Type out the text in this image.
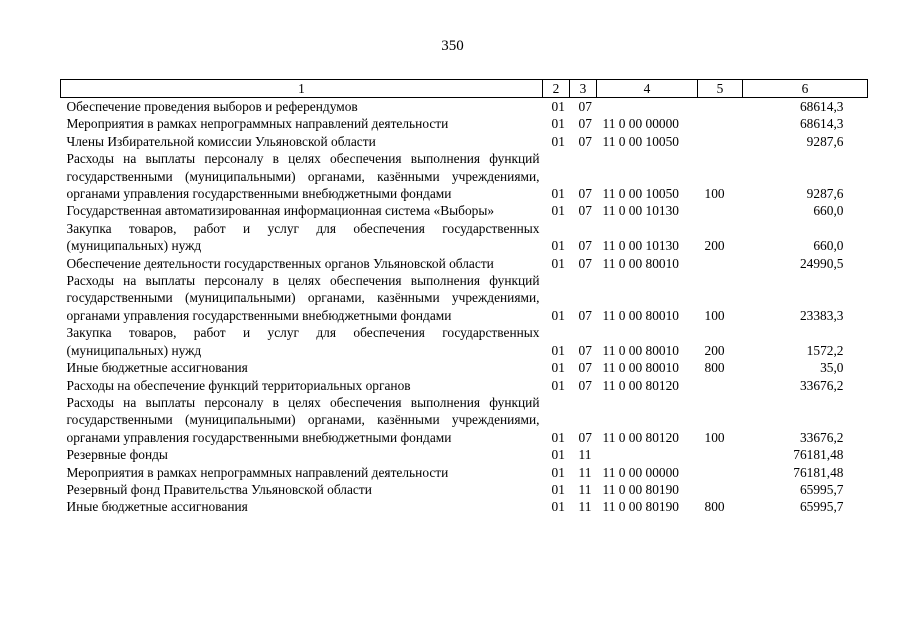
350
1	2	3	4	5	6
Обеспечение проведения выборов и референдумов	01	07			68614,3
Мероприятия в рамках непрограммных направлений деятельности	01	07	11 0 00 00000		68614,3
Члены Избирательной комиссии Ульяновской области	01	07	11 0 00 10050		9287,6
Расходы на выплаты персоналу в целях обеспечения выполнения функций государственными (муниципальными) органами, казёнными учреждениями, органами управления государственными внебюджетными фондами	01	07	11 0 00 10050	100	9287,6
Государственная автоматизированная информационная система «Выборы»	01	07	11 0 00 10130		660,0
Закупка товаров, работ и услуг для обеспечения государственных (муниципальных) нужд	01	07	11 0 00 10130	200	660,0
Обеспечение деятельности государственных органов Ульяновской области	01	07	11 0 00 80010		24990,5
Расходы на выплаты персоналу в целях обеспечения выполнения функций государственными (муниципальными) органами, казёнными учреждениями, органами управления государственными внебюджетными фондами	01	07	11 0 00 80010	100	23383,3
Закупка товаров, работ и услуг для обеспечения государственных (муниципальных) нужд	01	07	11 0 00 80010	200	1572,2
Иные бюджетные ассигнования	01	07	11 0 00 80010	800	35,0
Расходы на обеспечение функций территориальных органов	01	07	11 0 00 80120		33676,2
Расходы на выплаты персоналу в целях обеспечения выполнения функций государственными (муниципальными) органами, казёнными учреждениями, органами управления государственными внебюджетными фондами	01	07	11 0 00 80120	100	33676,2
Резервные фонды	01	11			76181,48
Мероприятия в рамках непрограммных направлений деятельности	01	11	11 0 00 00000		76181,48
Резервный фонд Правительства Ульяновской области	01	11	11 0 00 80190		65995,7
Иные бюджетные ассигнования	01	11	11 0 00 80190	800	65995,7
